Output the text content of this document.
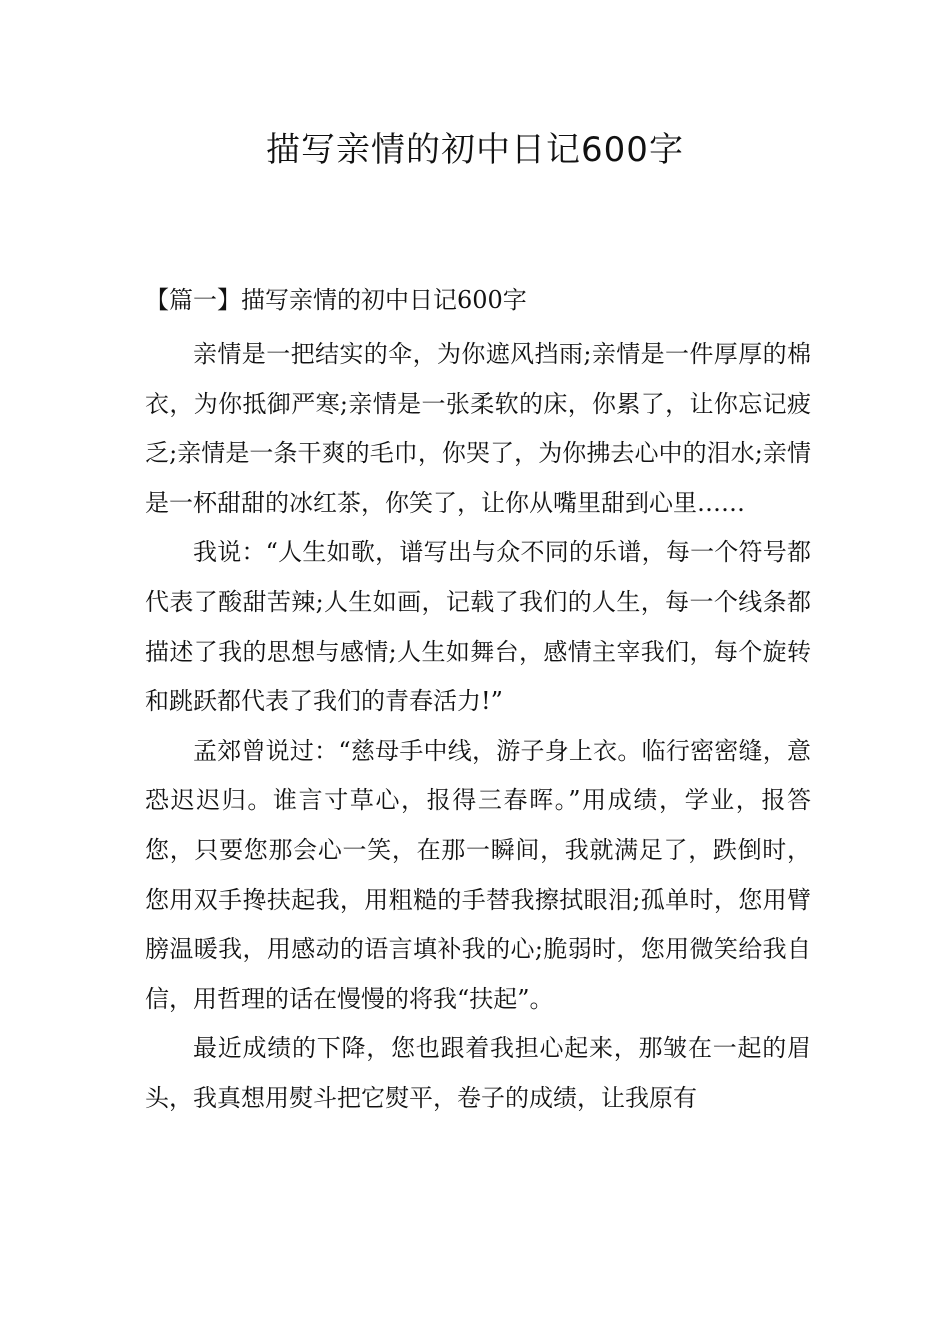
描写亲情的初中日记600字
【篇一】描写亲情的初中日记600字

亲情是一把结实的伞，为你遮风挡雨;亲情是一件厚厚的棉衣，为你抵御严寒;亲情是一张柔软的床，你累了，让你忘记疲乏;亲情是一条干爽的毛巾，你哭了，为你拂去心中的泪水;亲情是一杯甜甜的冰红茶，你笑了，让你从嘴里甜到心里……

我说：“人生如歌，谱写出与众不同的乐谱，每一个符号都代表了酸甜苦辣;人生如画，记载了我们的人生，每一个线条都描述了我的思想与感情;人生如舞台，感情主宰我们，每个旋转和跳跃都代表了我们的青春活力!”

孟郊曾说过：“慈母手中线，游子身上衣。临行密密缝，意恐迟迟归。谁言寸草心，报得三春晖。”用成绩，学业，报答您，只要您那会心一笑，在那一瞬间，我就满足了，跌倒时，您用双手搀扶起我，用粗糙的手替我擦拭眼泪;孤单时，您用臂膀温暖我，用感动的语言填补我的心;脆弱时，您用微笑给我自信，用哲理的话在慢慢的将我“扶起”。

最近成绩的下降，您也跟着我担心起来，那皱在一起的眉头，我真想用熨斗把它熨平，卷子的成绩，让我原有
